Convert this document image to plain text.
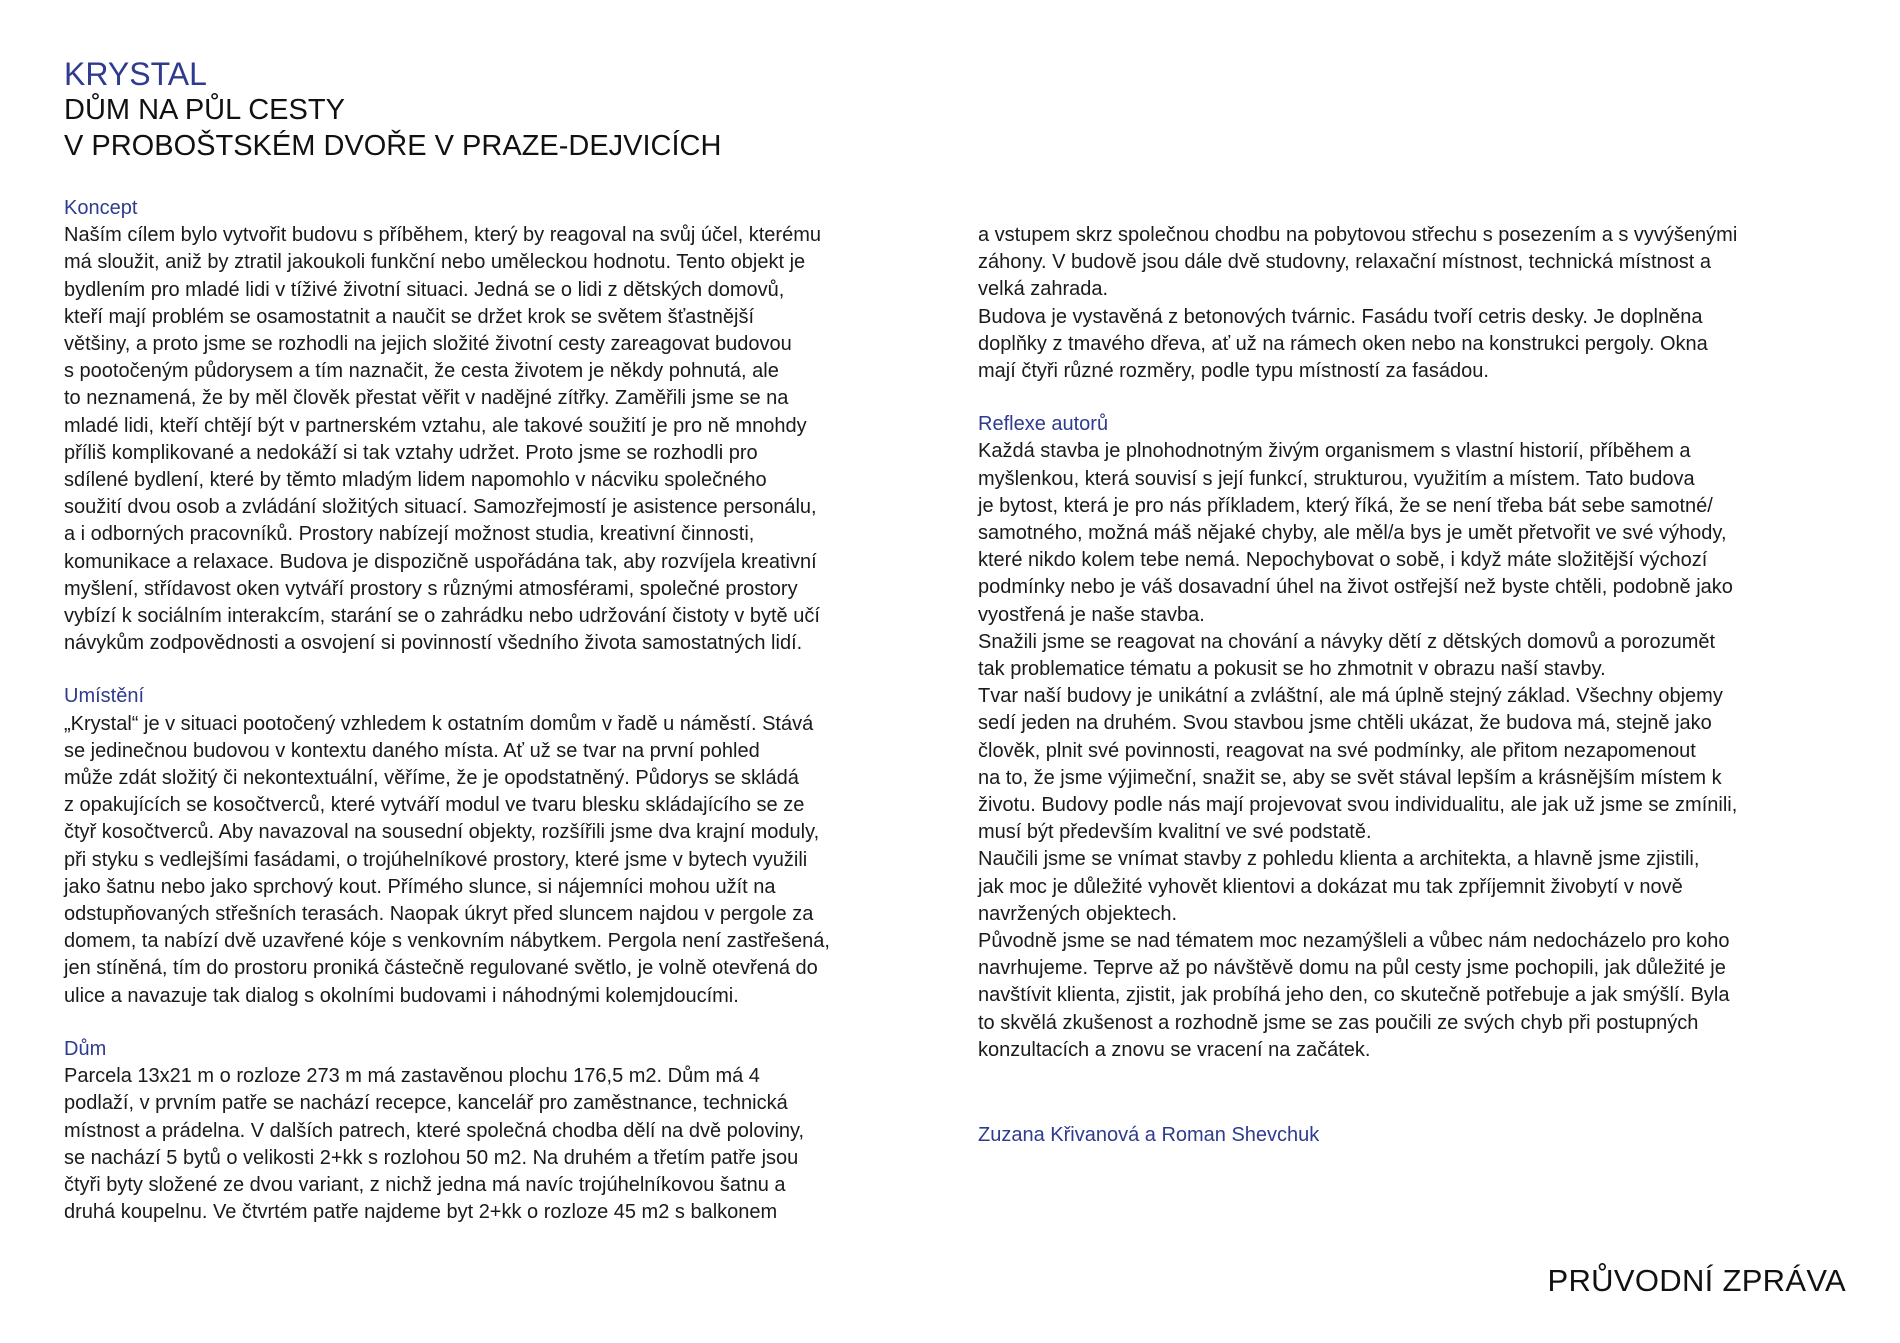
KRYSTAL
DŮM NA PŮL CESTY
V PROBOŠTSKÉM DVOŘE V PRAZE-DEJVICÍCH
Koncept

Naším cílem bylo vytvořit budovu s příběhem, který by reagoval na svůj účel, kterému
má sloužit, aniž by ztratil jakoukoli funkční nebo uměleckou hodnotu. Tento objekt je
bydlením pro mladé lidi v tíživé životní situaci. Jedná se o lidi z dětských domovů,
kteří mají problém se osamostatnit a naučit se držet krok se světem šťastnější
většiny, a proto jsme se rozhodli na jejich složité životní cesty zareagovat budovou
s pootočeným půdorysem a tím naznačit, že cesta životem je někdy pohnutá, ale
to neznamená, že by měl člověk přestat věřit v nadějné zítřky. Zaměřili jsme se na
mladé lidi, kteří chtějí být v partnerském vztahu, ale takové soužití je pro ně mnohdy
příliš komplikované a nedokáží si tak vztahy udržet. Proto jsme se rozhodli pro
sdílené bydlení, které by těmto mladým lidem napomohlo v nácviku společného
soužití dvou osob a zvládání složitých situací. Samozřejmostí je asistence personálu,
a i odborných pracovníků. Prostory nabízejí možnost studia, kreativní činnosti,
komunikace a relaxace. Budova je dispozičně uspořádána tak, aby rozvíjela kreativní
myšlení, střídavost oken vytváří prostory s různými atmosférami, společné prostory
vybízí k sociálním interakcím, starání se o zahrádku nebo udržování čistoty v bytě učí
návykům zodpovědnosti a osvojení si povinností všedního života samostatných lidí.

Umístění

„Krystal“ je v situaci pootočený vzhledem k ostatním domům v řadě u náměstí. Stává
se jedinečnou budovou v kontextu daného místa. Ať už se tvar na první pohled
může zdát složitý či nekontextuální, věříme, že je opodstatněný. Půdorys se skládá
z opakujících se kosočtverců, které vytváří modul ve tvaru blesku skládajícího se ze
čtyř kosočtverců. Aby navazoval na sousední objekty, rozšířili jsme dva krajní moduly,
při styku s vedlejšími fasádami, o trojúhelníkové prostory, které jsme v bytech využili
jako šatnu nebo jako sprchový kout. Přímého slunce, si nájemníci mohou užít na
odstupňovaných střešních terasách. Naopak úkryt před sluncem najdou v pergole za
domem, ta nabízí dvě uzavřené kóje s venkovním nábytkem. Pergola není zastřešená,
jen stíněná, tím do prostoru proniká částečně regulované světlo, je volně otevřená do
ulice a navazuje tak dialog s okolními budovami i náhodnými kolemjdoucími.

Dům

Parcela 13x21 m o rozloze 273 m má zastavěnou plochu 176,5 m2. Dům má 4
podlaží, v prvním patře se nachází recepce, kancelář pro zaměstnance, technická
místnost a prádelna. V dalších patrech, které společná chodba dělí na dvě poloviny,
se nachází 5 bytů o velikosti 2+kk s rozlohou 50 m2. Na druhém a třetím patře jsou
čtyři byty složené ze dvou variant, z nichž jedna má navíc trojúhelníkovou šatnu a
druhá koupelnu. Ve čtvrtém patře najdeme byt 2+kk o rozloze 45 m2 s balkonem

a vstupem skrz společnou chodbu na pobytovou střechu s posezením a s vyvýšenými
záhony. V budově jsou dále dvě studovny, relaxační místnost, technická místnost a
velká zahrada.
Budova je vystavěná z betonových tvárnic. Fasádu tvoří cetris desky. Je doplněna
doplňky z tmavého dřeva, ať už na rámech oken nebo na konstrukci pergoly. Okna
mají čtyři různé rozměry, podle typu místností za fasádou.

Reflexe autorů

Každá stavba je plnohodnotným živým organismem s vlastní historií, příběhem a
myšlenkou, která souvisí s její funkcí, strukturou, využitím a místem. Tato budova
je bytost, která je pro nás příkladem, který říká, že se není třeba bát sebe samotné/
samotného, možná máš nějaké chyby, ale měl/a bys je umět přetvořit ve své výhody,
které nikdo kolem tebe nemá. Nepochybovat o sobě, i když máte složitější výchozí
podmínky nebo je váš dosavadní úhel na život ostřejší než byste chtěli, podobně jako
vyostřená je naše stavba.
Snažili jsme se reagovat na chování a návyky dětí z dětských domovů a porozumět
tak problematice tématu a pokusit se ho zhmotnit v obrazu naší stavby.
Tvar naší budovy je unikátní a zvláštní, ale má úplně stejný základ. Všechny objemy
sedí jeden na druhém. Svou stavbou jsme chtěli ukázat, že budova má, stejně jako
člověk, plnit své povinnosti, reagovat na své podmínky, ale přitom nezapomenout
na to, že jsme výjimeční, snažit se, aby se svět stával lepším a krásnějším místem k
životu. Budovy podle nás mají projevovat svou individualitu, ale jak už jsme se zmínili,
musí být především kvalitní ve své podstatě.
Naučili jsme se vnímat stavby z pohledu klienta a architekta, a hlavně jsme zjistili,
jak moc je důležité vyhovět klientovi a dokázat mu tak zpříjemnit živobytí v nově
navržených objektech.
Původně jsme se nad tématem moc nezamýšleli a vůbec nám nedocházelo pro koho
navrhujeme. Teprve až po návštěvě domu na půl cesty jsme pochopili, jak důležité je
navštívit klienta, zjistit, jak probíhá jeho den, co skutečně potřebuje a jak smýšlí. Byla
to skvělá zkušenost a rozhodně jsme se zas poučili ze svých chyb při postupných
konzultacích a znovu se vracení na začátek.

Zuzana Křivanová a Roman Shevchuk
PRŮVODNÍ ZPRÁVA
